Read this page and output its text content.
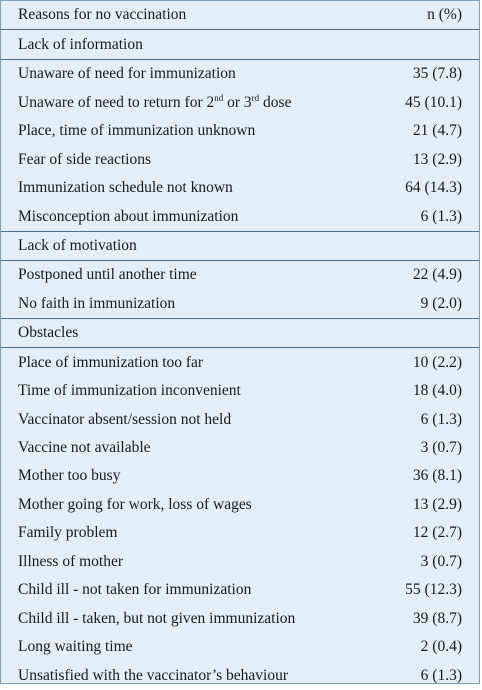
Reasons for no vaccination	n (%)
Lack of information	
Unaware of need for immunization	35 (7.8)
Unaware of need to return for 2nd or 3rd dose	45 (10.1)
Place, time of immunization unknown	21 (4.7)
Fear of side reactions	13 (2.9)
Immunization schedule not known	64 (14.3)
Misconception about immunization	6 (1.3)
Lack of motivation	
Postponed until another time	22 (4.9)
No faith in immunization	9 (2.0)
Obstacles	
Place of immunization too far	10 (2.2)
Time of immunization inconvenient	18 (4.0)
Vaccinator absent/session not held	6 (1.3)
Vaccine not available	3 (0.7)
Mother too busy	36 (8.1)
Mother going for work, loss of wages	13 (2.9)
Family problem	12 (2.7)
Illness of mother	3 (0.7)
Child ill - not taken for immunization	55 (12.3)
Child ill - taken, but not given immunization	39 (8.7)
Long waiting time	2 (0.4)
Unsatisfied with the vaccinator’s behaviour	6 (1.3)
